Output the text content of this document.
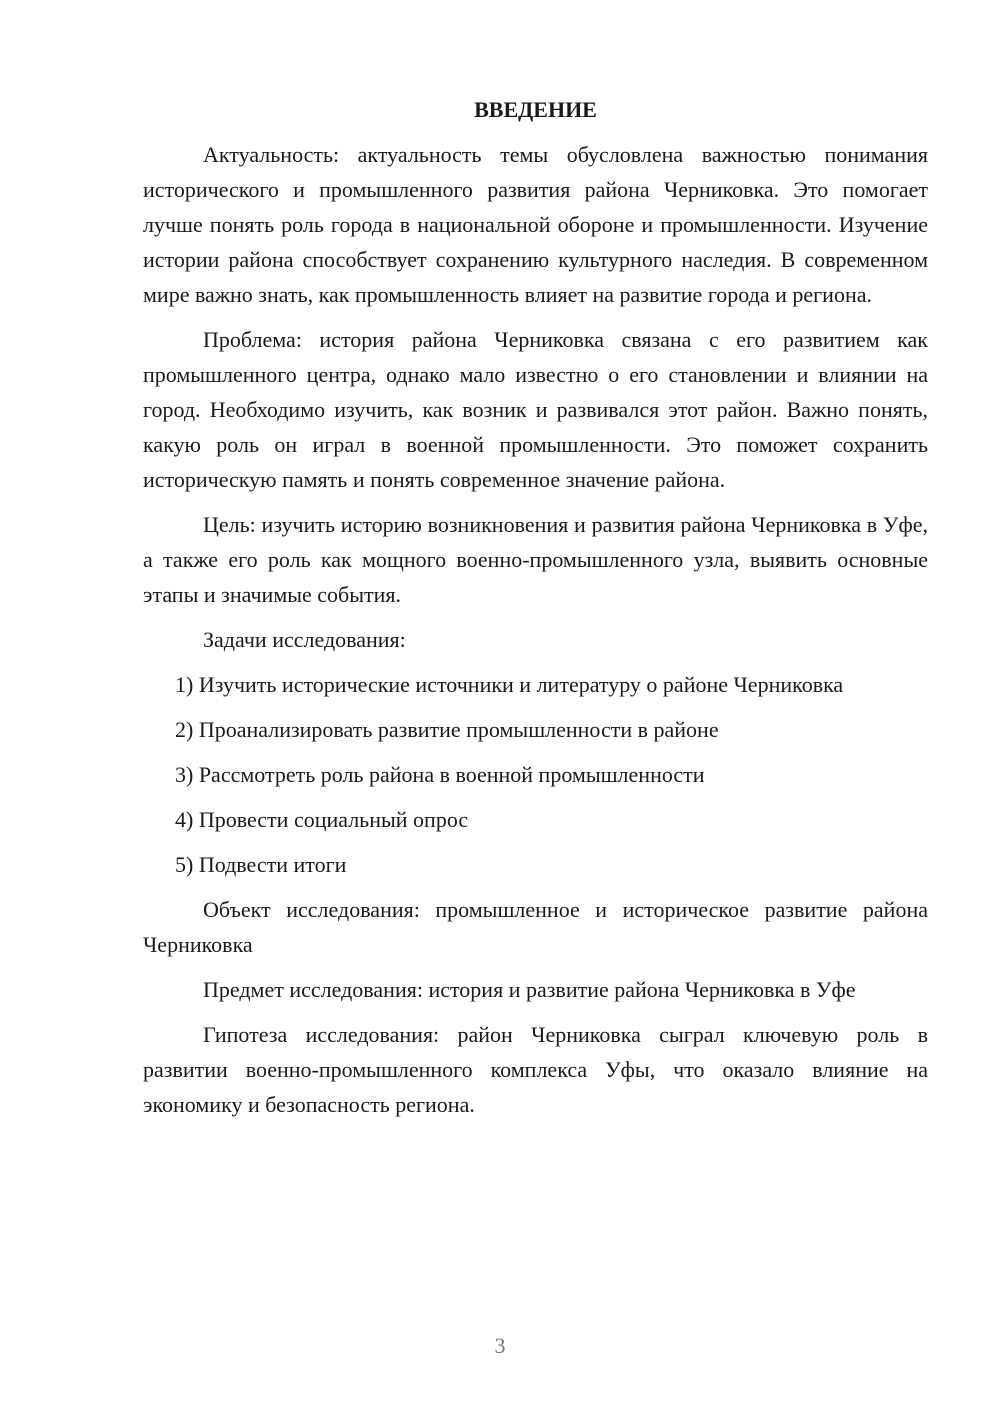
ВВЕДЕНИЕ

Актуальность: актуальность темы обусловлена важностью понимания исторического и промышленного развития района Черниковка. Это помогает лучше понять роль города в национальной обороне и промышленности. Изучение истории района способствует сохранению культурного наследия. В современном мире важно знать, как промышленность влияет на развитие города и региона.

Проблема: история района Черниковка связана с его развитием как промышленного центра, однако мало известно о его становлении и влиянии на город. Необходимо изучить, как возник и развивался этот район. Важно понять, какую роль он играл в военной промышленности. Это поможет сохранить историческую память и понять современное значение района.

Цель: изучить историю возникновения и развития района Черниковка в Уфе, а также его роль как мощного военно-промышленного узла, выявить основные этапы и значимые события.

Задачи исследования:

1) Изучить исторические источники и литературу о районе Черниковка

2) Проанализировать развитие промышленности в районе

3) Рассмотреть роль района в военной промышленности

4) Провести социальный опрос

5) Подвести итоги

Объект исследования: промышленное и историческое развитие района Черниковка

Предмет исследования: история и развитие района Черниковка в Уфе

Гипотеза исследования: район Черниковка сыграл ключевую роль в развитии военно-промышленного комплекса Уфы, что оказало влияние на экономику и безопасность региона.

3
